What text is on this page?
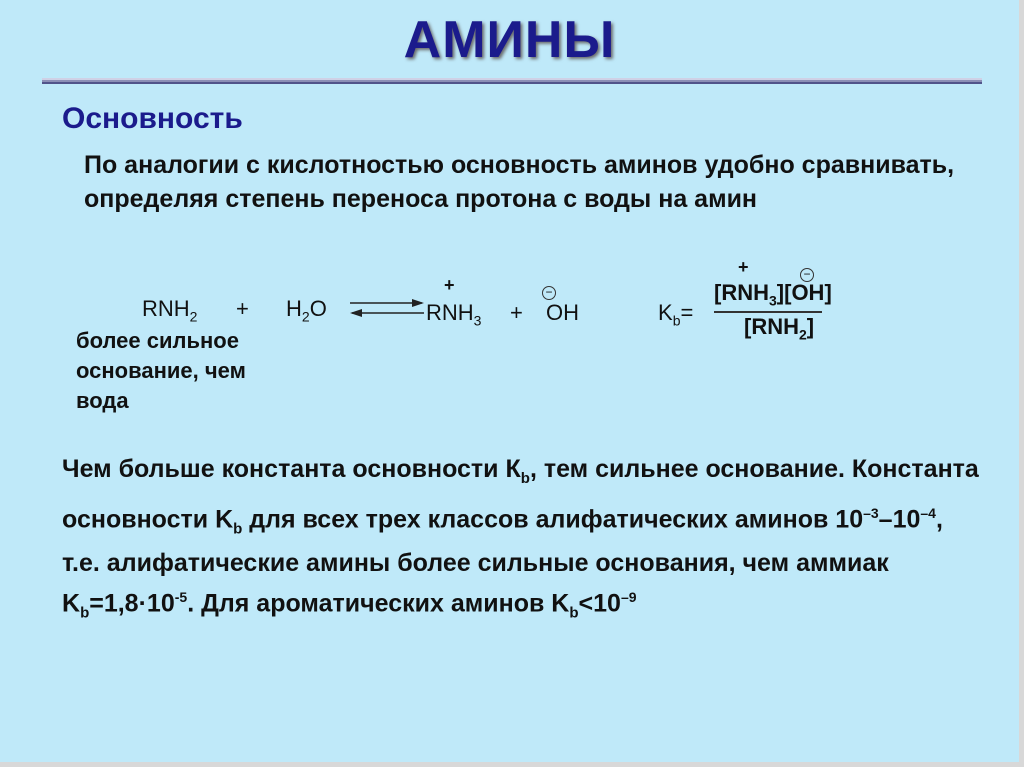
АМИНЫ
Основность

По аналогии с кислотностью основность аминов удобно сравнивать, определяя степень переноса протона с воды на амин

$RNH_2 + H_2O$
+
$RNH_3$ +
−
OH	$K_b=$
+	−
$[RNH_3][OH]$
$[RNH_2]$
более сильное
основание, чем
вода

Чем больше константа основности $К_b$, тем сильнее основание. Константа основности $K_b$ для всех трех классов алифатических аминов $10^{-3}-10^{-4}$, т.е. алифатические амины более сильные основания, чем аммиак $K_b=1,8\cdot 10^{-5}$. Для ароматических аминов $K_b<10^{-9}$
